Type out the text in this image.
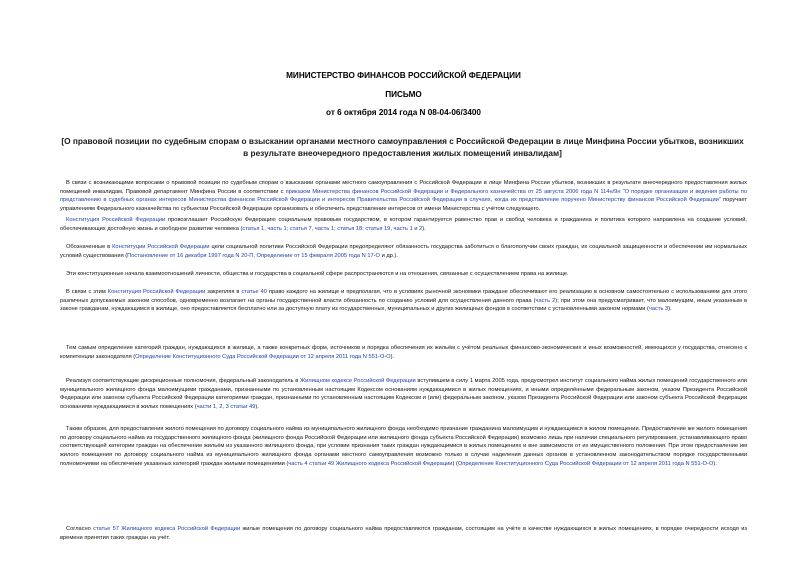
МИНИСТЕРСТВО ФИНАНСОВ РОССИЙСКОЙ ФЕДЕРАЦИИ
ПИСЬМО
от 6 октября 2014 года N 08-04-06/3400
[О правовой позиции по судебным спорам о взыскании органами местного самоуправления с Российской Федерации в лице Минфина России убытков, возникших в результате внеочередного предоставления жилых помещений инвалидам]
В связи с возникающими вопросами о правовой позиции по судебным спорам о взыскании органами местного самоуправления с Российской Федерации в лице Минфина России убытков, возникших в результате внеочередного предоставления жилых помещений инвалидам, Правовой департамент Минфина России в соответствии с приказом Министерства финансов Российской Федерации и Федерального казначейства от 25 августа 2006 года N 114н/9н "О порядке организации и ведения работы по представлению в судебных органах интересов Министерства финансов Российской Федерации и интересов Правительства Российской Федерации в случаях, когда их представление поручено Министерству финансов Российской Федерации" поручает управлениям Федерального казначейства по субъектам Российской Федерации организовать и обеспечить представление интересов от имени Министерства с учётом следующего.
Конституция Российской Федерации провозглашает Российскую Федерацию социальным правовым государством, в котором гарантируется равенство прав и свобод человека и гражданина и политика которого направлена на создание условий, обеспечивающих достойную жизнь и свободное развитие человека (статья 1, часть 1; статья 7, часть 1; статья 18; статья 19, часть 1 и 2).
Обозначенные в Конституции Российской Федерации цели социальной политики Российской Федерации предопределяют обязанность государства заботиться о благополучии своих граждан, их социальной защищенности и обеспечении им нормальных условий существования (Постановление от 16 декабря 1997 года N 20-П, Определение от 15 февраля 2005 года N 17-О и др.).
Эти конституционные начала взаимоотношений личности, общества и государства в социальной сфере распространяются и на отношения, связанные с осуществлением права на жилище.
В связи с этим Конституция Российской Федерации закрепляя в статье 40 право каждого на жилище и предполагая, что в условиях рыночной экономики граждане обеспечивают его реализацию в основном самостоятельно с использованием для этого различных допускаемых законом способов, одновременно возлагает на органы государственной власти обязанность по созданию условий для осуществления данного права (часть 2); при этом она предусматривает, что малоимущим, иным указанным в законе гражданам, нуждающимся в жилище, оно предоставляется бесплатно или за доступную плату из государственных, муниципальных и других жилищных фондов в соответствии с установленными законом нормами (часть 3).
Тем самым определение категорий граждан, нуждающихся в жилище, а также конкретных форм, источников и порядка обеспечения их жильём с учётом реальных финансово-экономических и иных возможностей, имеющихся у государства, отнесено к компетенции законодателя (Определение Конституционного Суда Российской Федерации от 12 апреля 2011 года N 551-О-О).
Реализуя соответствующие дискреционные полномочия, федеральный законодатель в Жилищном кодексе Российской Федерации вступившем в силу 1 марта 2005 года, предусмотрел институт социального найма жилых помещений государственного или муниципального жилищного фонда малоимущими гражданами, признанными по установленным настоящим Кодексом основаниям нуждающимися в жилых помещениях, и иными определёнными федеральным законом, указом Президента Российской Федерации или законом субъекта Российской Федерации категориями граждан, признанными по установленным настоящим Кодексом и (или) федеральным законом, указом Президента Российской Федерации или законом субъекта Российской Федерации основаниям нуждающимися в жилых помещениях (части 1, 2, 3 статьи 49).
Таким образом, для предоставления жилого помещения по договору социального найма из муниципального жилищного фонда необходимо признание гражданина малоимущим и нуждающимся в жилом помещении. Предоставление же жилого помещения по договору социального найма из государственного жилищного фонда (жилищного фонда Российской Федерации или жилищного фонда субъекта Российской Федерации) возможно лишь при наличии специального регулирования, устанавливающего право соответствующей категории граждан на обеспечение жильём из указанного жилищного фонда, при условии признания таких граждан нуждающимися в жилых помещениях и вне зависимости от их имущественного положения. При этом предоставление им жилого помещения по договору социального найма из муниципального жилищного фонда органами местного самоуправления возможно только в случае наделения данных органов в установленном законодательством порядке государственными полномочиями на обеспечение указанных категорий граждан жилыми помещениями (часть 4 статьи 49 Жилищного кодекса Российской Федерации) (Определение Конституционного Суда Российской Федерации от 12 апреля 2011 года N 551-О-О).
Согласно статье 57 Жилищного кодекса Российской Федерации жилые помещения по договору социального найма предоставляются гражданам, состоящим на учёте в качестве нуждающихся в жилых помещениях, в порядке очередности исходя из времени принятия таких граждан на учёт.
